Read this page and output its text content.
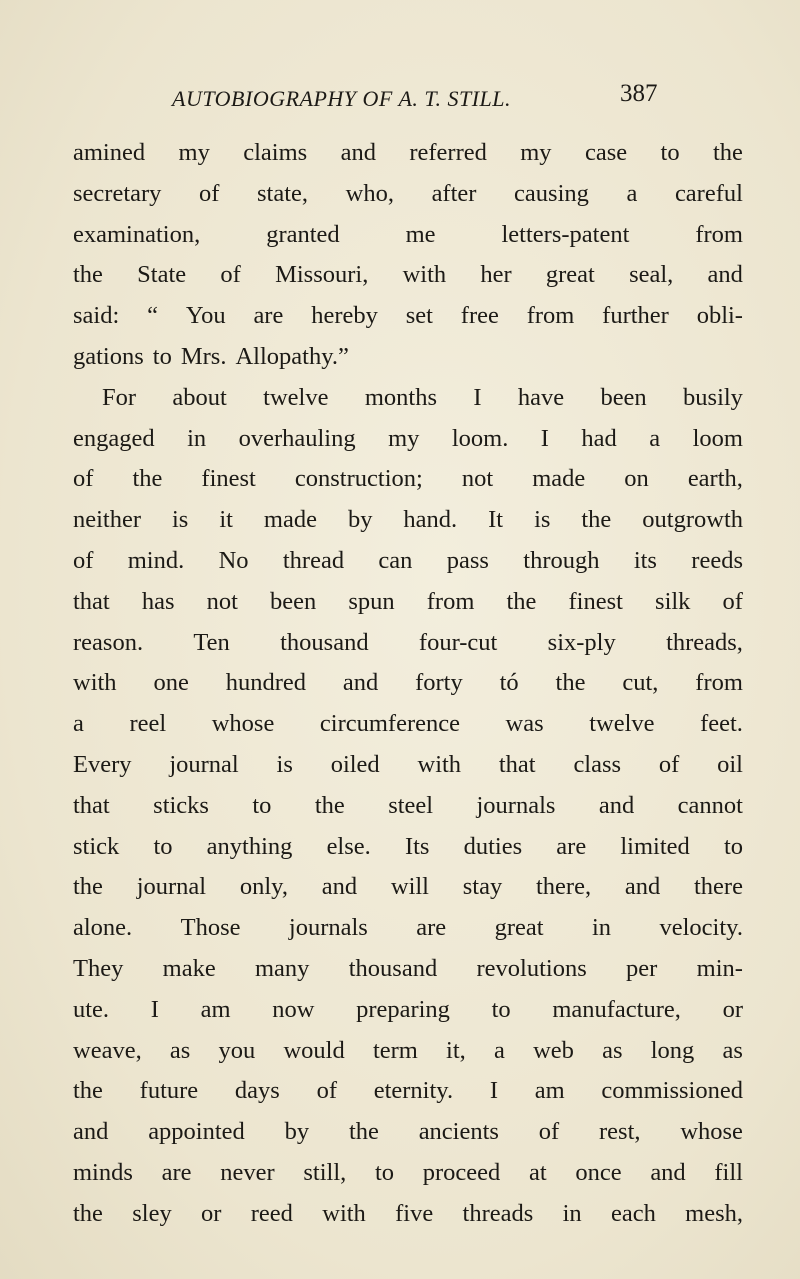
AUTOBIOGRAPHY OF A. T. STILL.	387
amined my claims and referred my case to the
secretary of state, who, after causing a careful
examination,	granted	me	letters-patent	from
the State of Missouri, with her great seal, and
said: “ You are hereby set free from further obli-
gations to Mrs. Allopathy.”
For about twelve months I have been busily
engaged in overhauling my loom. I had a loom
of the finest construction; not made on earth,
neither is it made by hand. It is the outgrowth
of mind. No thread can pass through its reeds
that has not been spun from the finest silk of
reason. Ten thousand four-cut six-ply threads,
with one hundred and forty tó the cut, from
a reel whose circumference was twelve feet.
Every journal is oiled with that class of oil
that sticks to the steel journals and cannot
stick to anything else. Its duties are limited to
the journal only, and will stay there, and there
alone. Those journals are great in velocity.
They make many thousand revolutions per min-
ute. I am now preparing to manufacture, or
weave, as you would term it, a web as long as
the future days of eternity. I am commissioned
and appointed by the ancients of rest, whose
minds are never still, to proceed at once and fill
the sley or reed with five threads in each mesh,
